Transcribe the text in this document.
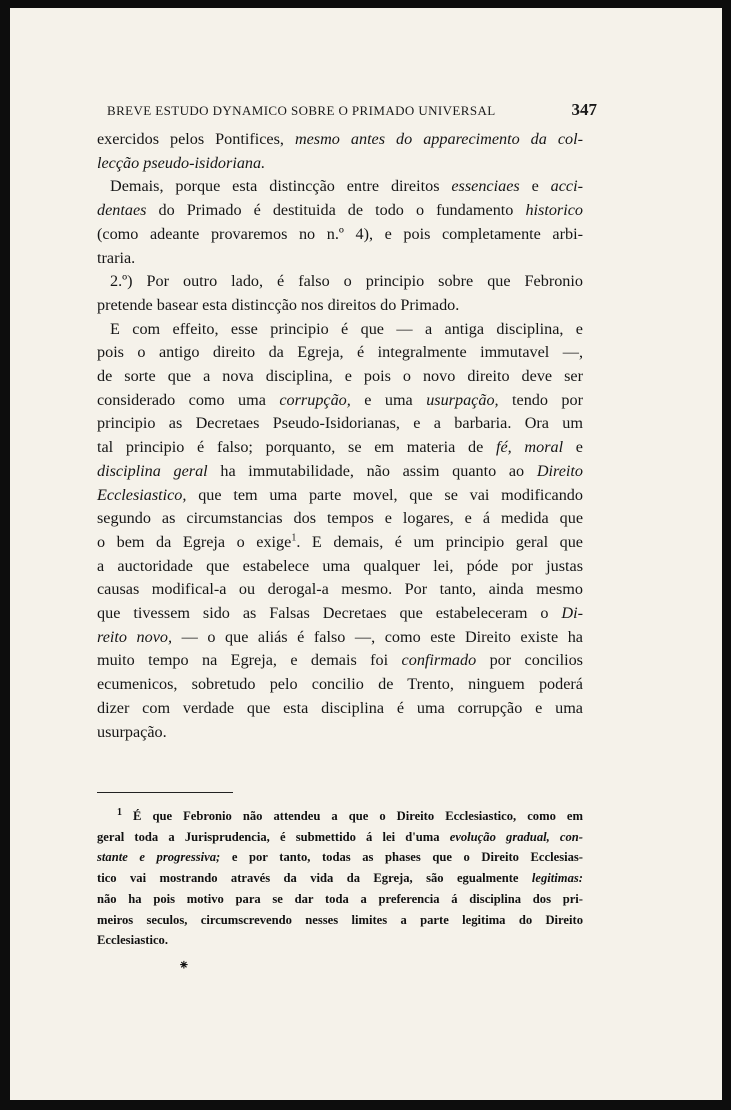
BREVE ESTUDO DYNAMICO SOBRE O PRIMADO UNIVERSAL	347
exercidos pelos Pontifices, mesmo antes do apparecimento da col-
lecção pseudo-isidoriana.
Demais, porque esta distincção entre direitos essenciaes e acci-
dentaes do Primado é destituida de todo o fundamento historico
(como adeante provaremos no n.º 4), e pois completamente arbi-
traria.
2.º) Por outro lado, é falso o principio sobre que Febronio
pretende basear esta distincção nos direitos do Primado.
E com effeito, esse principio é que — a antiga disciplina, e
pois o antigo direito da Egreja, é integralmente immutavel —,
de sorte que a nova disciplina, e pois o novo direito deve ser
considerado como uma corrupção, e uma usurpação, tendo por
principio as Decretaes Pseudo-Isidorianas, e a barbaria. Ora um
tal principio é falso; porquanto, se em materia de fé, moral e
disciplina geral ha immutabilidade, não assim quanto ao Direito
Ecclesiastico, que tem uma parte movel, que se vai modificando
segundo as circumstancias dos tempos e logares, e á medida que
o bem da Egreja o exige$^1$. E demais, é um principio geral que
a auctoridade que estabelece uma qualquer lei, póde por justas
causas modifical-a ou derogal-a mesmo. Por tanto, ainda mesmo
que tivessem sido as Falsas Decretaes que estabeleceram o Di-
reito novo, — o que aliás é falso —, como este Direito existe ha
muito tempo na Egreja, e demais foi confirmado por concilios
ecumenicos, sobretudo pelo concilio de Trento, ninguem poderá
dizer com verdade que esta disciplina é uma corrupção e uma
usurpação.
$^1$ É que Febronio não attendeu a que o Direito Ecclesiastico, como em
geral toda a Jurisprudencia, é submettido á lei d'uma evolução gradual, con-
stante e progressiva; e por tanto, todas as phases que o Direito Ecclesias-
tico vai mostrando através da vida da Egreja, são egualmente legitimas:
não ha pois motivo para se dar toda a preferencia á disciplina dos pri-
meiros seculos, circumscrevendo nesses limites a parte legitima do Direito
Ecclesiastico.
⁕
